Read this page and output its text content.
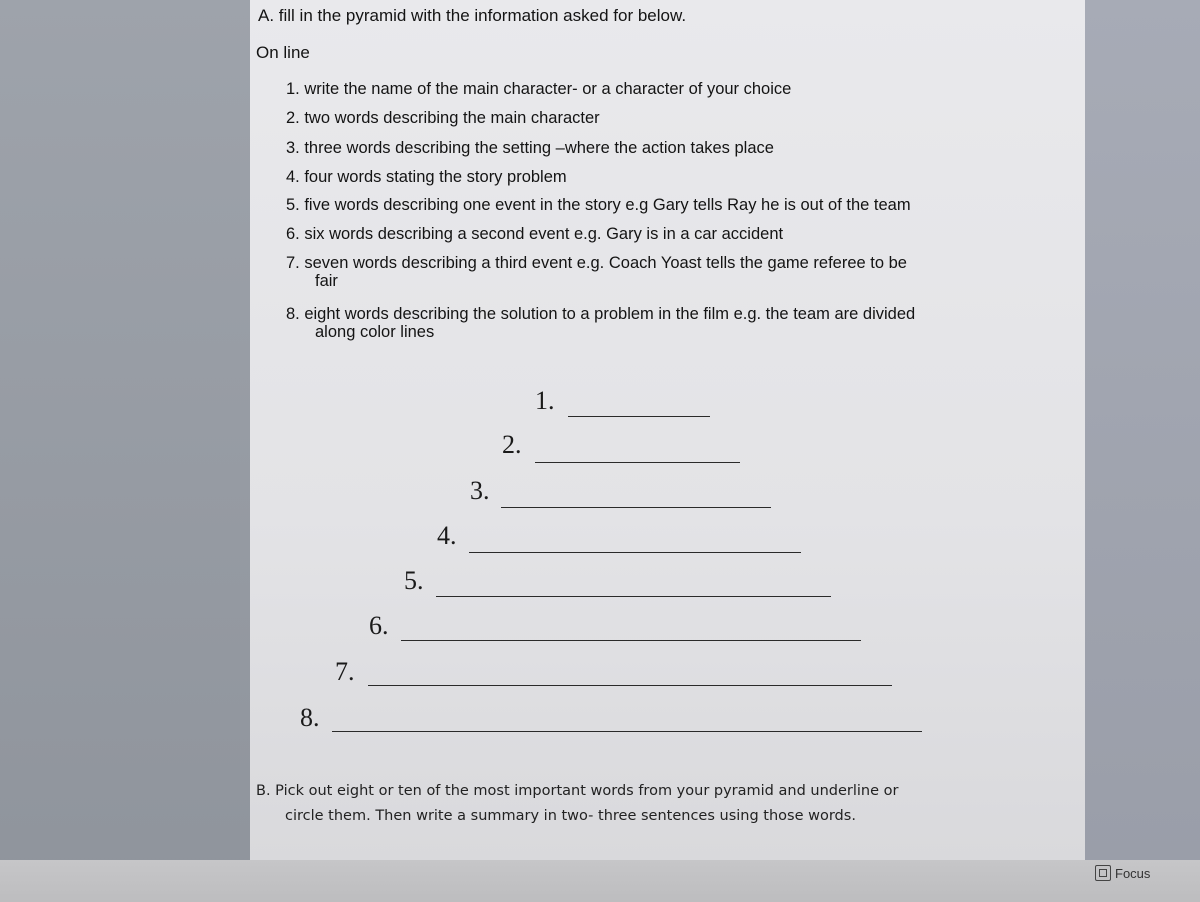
A. fill in the pyramid with the information asked for below.
On line
1. write the name of the main character- or a character of your choice
2. two words describing the main character
3. three words describing the setting –where the action takes place
4. four words stating the story problem
5. five words describing one event in the story e.g Gary tells Ray he is out of the team
6. six words describing a second event e.g. Gary is in a car accident
7. seven words describing a third event e.g. Coach Yoast tells the game referee to be
fair
8. eight words describing the solution to a problem in the film e.g. the team are divided
along color lines
1.
2.
3.
4.
5.
6.
7.
8.
B. Pick out eight or ten of the most important words from your pyramid and underline or
circle them. Then write a summary in two- three sentences using those words.
Focus
